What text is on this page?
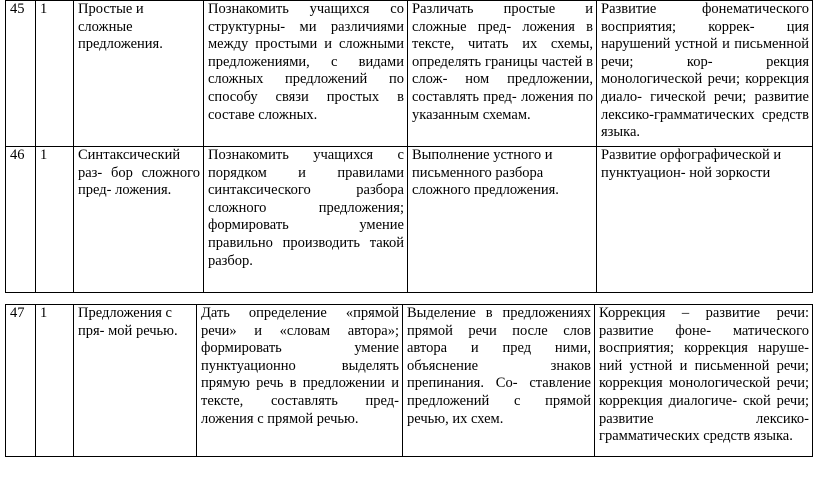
45	1	Простые и сложные предложения.	Познакомить учащихся со структурны- ми различиями между простыми и сложными предложениями, с видами сложных предложений по способу связи простых в составе сложных.	Различать простые и сложные пред- ложения в тексте, читать их схемы, определять границы частей в слож- ном предложении, составлять пред- ложения по указанным схемам.	Развитие фонематического восприятия; коррек- ция нарушений устной и письменной речи; кор- рекция монологической речи; коррекция диало- гической речи; развитие лексико-грамматических средств языка.
46	1	Синтаксический раз- бор сложного пред- ложения.	Познакомить учащихся с порядком и правилами синтаксического разбора сложного предложения; формировать умение правильно производить такой разбор.	Выполнение устного и письменного разбора сложного предложения.	Развитие орфографической и пунктуацион- ной зоркости
47	1	Предложения с пря- мой речью.	Дать определение «прямой речи» и «словам автора»; формировать умение пунктуационно выделять прямую речь в предложении и тексте, составлять пред- ложения с прямой речью.	Выделение в предложениях прямой речи после слов автора и пред ними, объяснение знаков препинания. Со- ставление предложений с прямой речью, их схем.	Коррекция – развитие речи: развитие фоне- матического восприятия; коррекция наруше- ний устной и письменной речи; коррекция монологической речи; коррекция диалогиче- ской речи; развитие лексико-грамматических средств языка.
